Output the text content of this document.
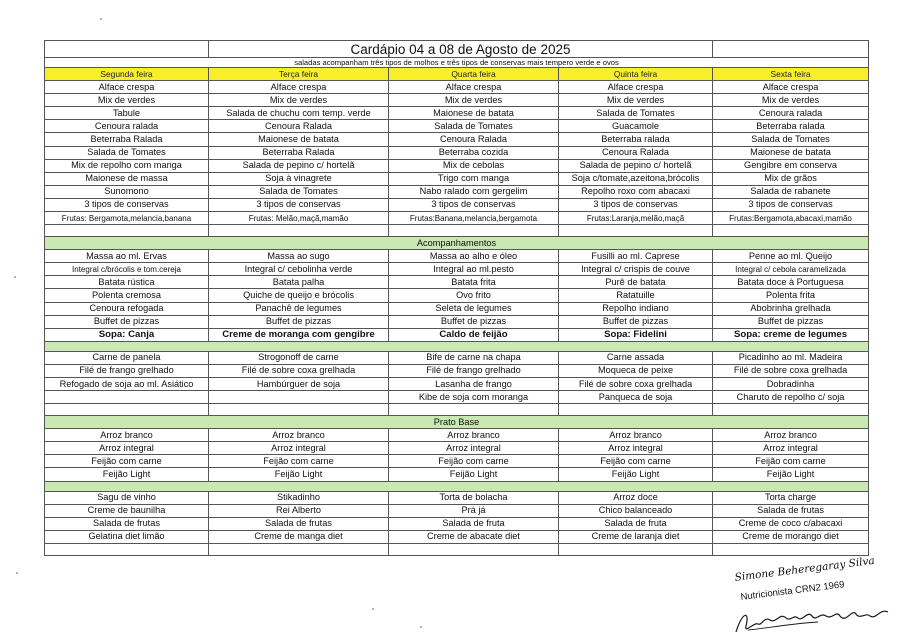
	Cardápio 04 a 08 de Agosto de 2025			
saladas acompanham três tipos de molhos e três tipos de conservas mais tempero verde e ovos				
Segunda feira	Terça feira	Quarta feira	Quinta feira	Sexta feira
Alface crespa	Alface crespa	Alface crespa	Alface crespa	Alface crespa
Mix de verdes	Mix de verdes	Mix de verdes	Mix de verdes	Mix de verdes
Tabule	Salada de chuchu com temp. verde	Maionese de batata	Salada de Tomates	Cenoura ralada
Cenoura ralada	Cenoura Ralada	Salada de Tomates	Guacamole	Beterraba ralada
Beterraba Ralada	Maionese de batata	Cenoura Ralada	Beterraba ralada	Salada de Tomates
Salada de Tomates	Beterraba Ralada	Beterraba cozida	Cenoura Ralada	Maionese de batata
Mix de repolho com manga	Salada de pepino c/ hortelã	Mix de cebolas	Salada de pepino c/ hortelã	Gengibre em conserva
Maionese de massa	Soja à vinagrete	Trigo com manga	Soja c/tomate,azeitona,brócolis	Mix de grãos
Sunomono	Salada de Tomates	Nabo ralado com gergelim	Repolho roxo com abacaxi	Salada de rabanete
3 tipos de conservas	3 tipos de conservas	3 tipos de conservas	3 tipos de conservas	3 tipos de conservas
Frutas: Bergamota,melancia,banana	Frutas: Melão,maçã,mamão	Frutas:Banana,melancia,bergamota	Frutas:Laranja,melão,maçã	Frutas:Bergamota,abacaxi,mamão

Acompanhamentos				
Massa ao ml. Ervas	Massa ao sugo	Massa ao alho e óleo	Fusilli ao ml. Caprese	Penne ao ml. Queijo
Integral c/brócolis e tom.cereja	Integral c/ cebolinha verde	Integral ao ml.pesto	Integral c/ crispis de couve	Integral c/ cebola caramelizada
Batata rústica	Batata palha	Batata frita	Purê de batata	Batata doce à Portuguesa
Polenta cremosa	Quiche de queijo e brócolis	Ovo frito	Ratatuille	Polenta frita
Cenoura refogada	Panachê de legumes	Seleta de legumes	Repolho indiano	Abobrinha grelhada
Buffet de pizzas	Buffet de pizzas	Buffet de pizzas	Buffet de pizzas	Buffet de pizzas
Sopa: Canja	Creme de moranga com gengibre	Caldo de feijão	Sopa: Fidelini	Sopa: creme de legumes

Carne de panela	Strogonoff de carne	Bife de carne na chapa	Carne assada	Picadinho ao ml. Madeira
Filé de frango grelhado	Filé de sobre coxa grelhada	Filé de frango grelhado	Moqueca de peixe	Filé de sobre coxa grelhada
Refogado de soja ao ml. Asiático	Hambúrguer de soja	Lasanha de frango	Filé de sobre coxa grelhada	Dobradinha
		Kibe de soja com moranga	Panqueca de soja	Charuto de repolho c/ soja

Prato Base				
Arroz branco	Arroz branco	Arroz branco	Arroz branco	Arroz branco
Arroz integral	Arroz integral	Arroz integral	Arroz integral	Arroz integral
Feijão com carne	Feijão com carne	Feijão com carne	Feijão com carne	Feijão com carne
Feijão Light	Feijão Light	Feijão Light	Feijão Light	Feijão Light

Sagu de vinho	Stikadinho	Torta de bolacha	Arroz doce	Torta charge
Creme de baunilha	Rei Alberto	Prá já	Chico balanceado	Salada de frutas
Salada de frutas	Salada de frutas	Salada de fruta	Salada de fruta	Creme de coco c/abacaxi
Gelatina diet limão	Creme de manga diet	Creme de abacate diet	Creme de laranja diet	Creme de morango diet

Simone Beheregaray Silva
Nutricionista CRN2 1969
